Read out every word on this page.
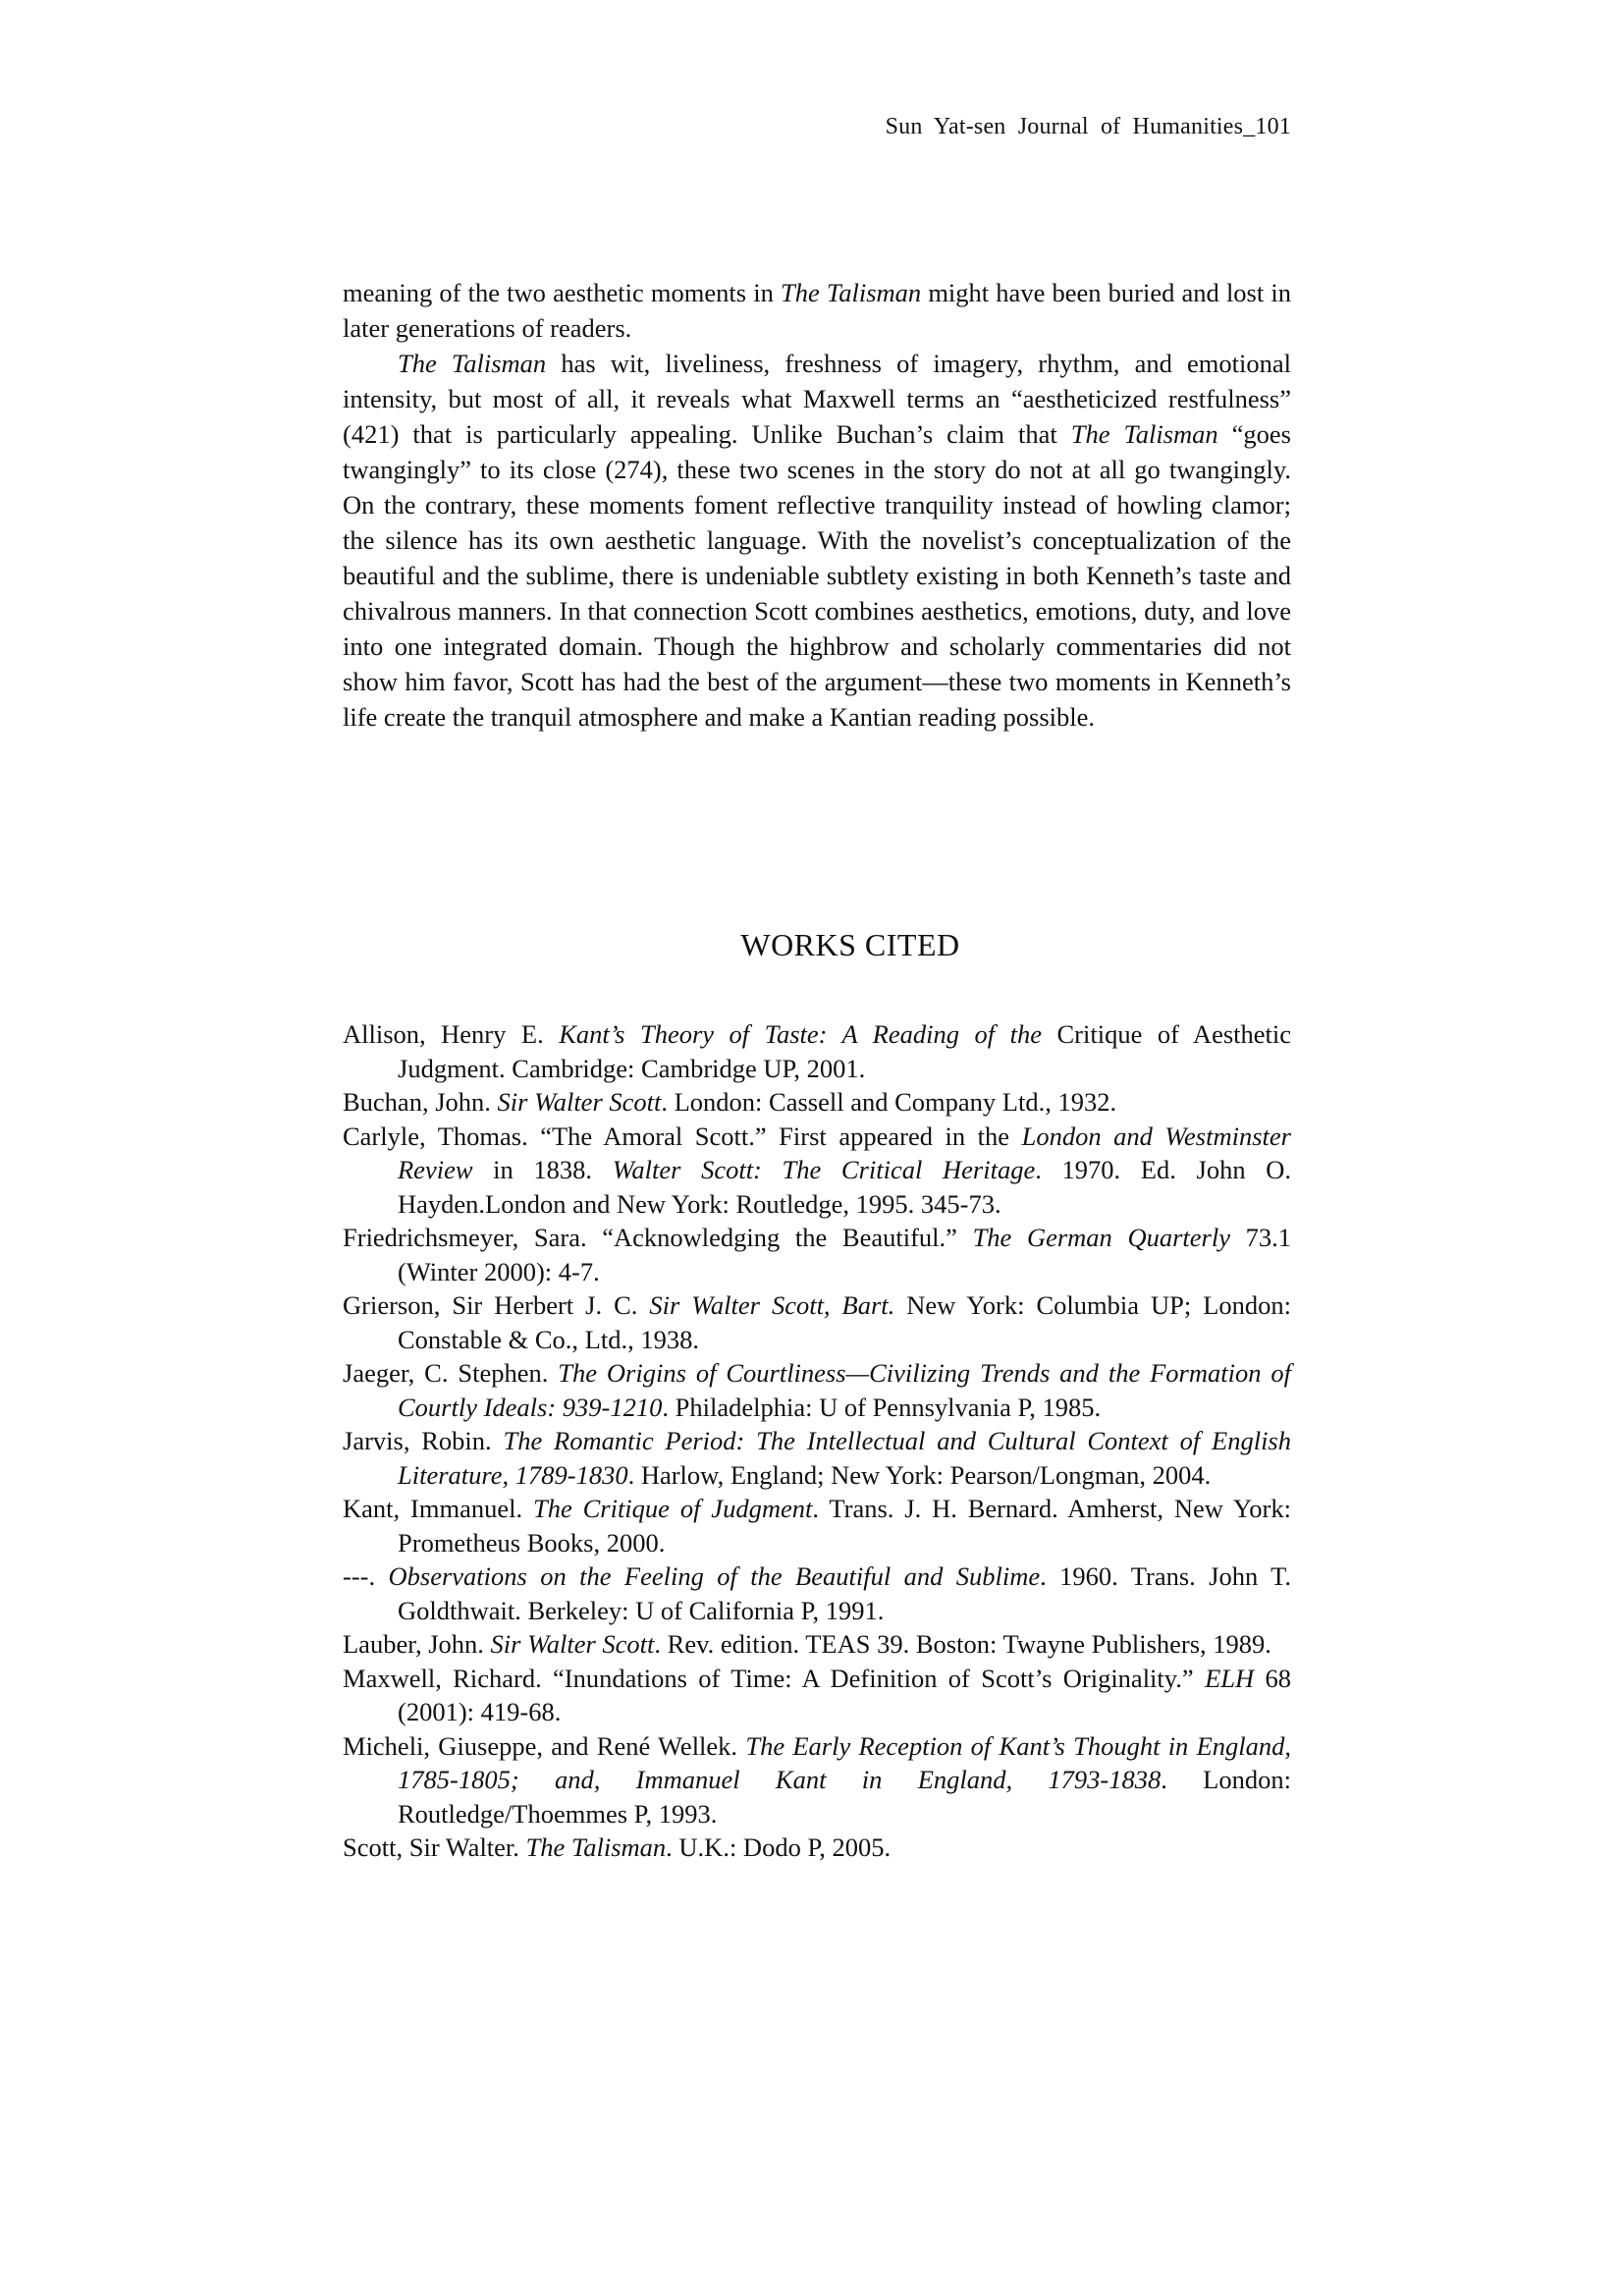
Sun Yat-sen Journal of Humanities_101

meaning of the two aesthetic moments in The Talisman might have been buried and lost in later generations of readers.

The Talisman has wit, liveliness, freshness of imagery, rhythm, and emotional intensity, but most of all, it reveals what Maxwell terms an “aestheticized restfulness” (421) that is particularly appealing. Unlike Buchan’s claim that The Talisman “goes twangingly” to its close (274), these two scenes in the story do not at all go twangingly. On the contrary, these moments foment reflective tranquility instead of howling clamor; the silence has its own aesthetic language. With the novelist’s conceptualization of the beautiful and the sublime, there is undeniable subtlety existing in both Kenneth’s taste and chivalrous manners. In that connection Scott combines aesthetics, emotions, duty, and love into one integrated domain. Though the highbrow and scholarly commentaries did not show him favor, Scott has had the best of the argument—these two moments in Kenneth’s life create the tranquil atmosphere and make a Kantian reading possible.

WORKS CITED

Allison, Henry E. Kant’s Theory of Taste: A Reading of the Critique of Aesthetic Judgment. Cambridge: Cambridge UP, 2001.

Buchan, John. Sir Walter Scott. London: Cassell and Company Ltd., 1932.

Carlyle, Thomas. “The Amoral Scott.” First appeared in the London and Westminster Review in 1838. Walter Scott: The Critical Heritage. 1970. Ed. John O. Hayden.London and New York: Routledge, 1995. 345-73.

Friedrichsmeyer, Sara. “Acknowledging the Beautiful.” The German Quarterly 73.1 (Winter 2000): 4-7.

Grierson, Sir Herbert J. C. Sir Walter Scott, Bart. New York: Columbia UP; London: Constable & Co., Ltd., 1938.

Jaeger, C. Stephen. The Origins of Courtliness—Civilizing Trends and the Formation of Courtly Ideals: 939-1210. Philadelphia: U of Pennsylvania P, 1985.

Jarvis, Robin. The Romantic Period: The Intellectual and Cultural Context of English Literature, 1789-1830. Harlow, England; New York: Pearson/Longman, 2004.

Kant, Immanuel. The Critique of Judgment. Trans. J. H. Bernard. Amherst, New York: Prometheus Books, 2000.

---. Observations on the Feeling of the Beautiful and Sublime. 1960. Trans. John T. Goldthwait. Berkeley: U of California P, 1991.

Lauber, John. Sir Walter Scott. Rev. edition. TEAS 39. Boston: Twayne Publishers, 1989.

Maxwell, Richard. “Inundations of Time: A Definition of Scott’s Originality.” ELH 68 (2001): 419-68.

Micheli, Giuseppe, and René Wellek. The Early Reception of Kant’s Thought in England, 1785-1805; and, Immanuel Kant in England, 1793-1838. London: Routledge/Thoemmes P, 1993.

Scott, Sir Walter. The Talisman. U.K.: Dodo P, 2005.
